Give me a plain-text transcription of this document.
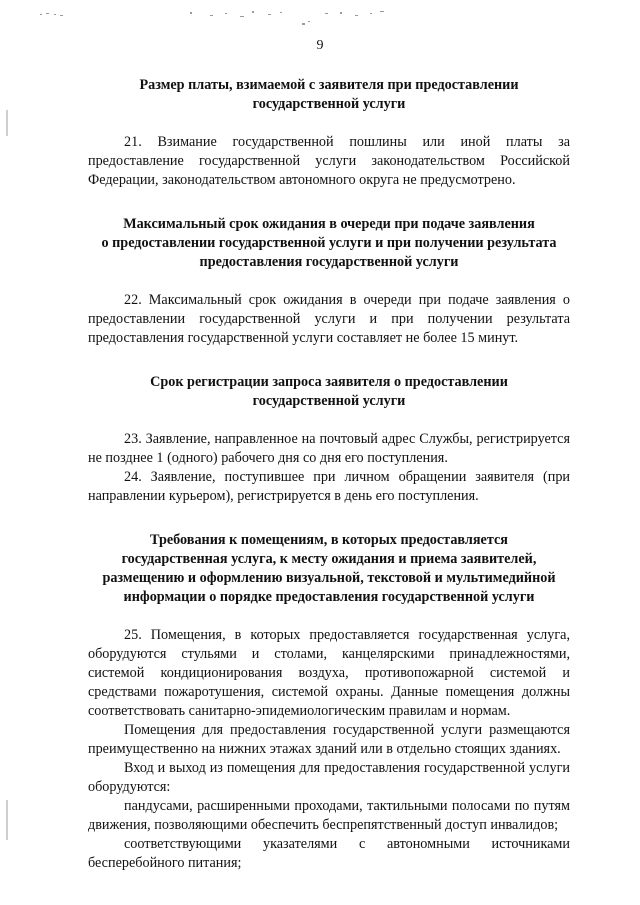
9
Размер платы, взимаемой с заявителя при предоставлении
государственной услуги

21. Взимание государственной пошлины или иной платы за предоставление государственной услуги законодательством Российской Федерации, законодательством автономного округа не предусмотрено.

Максимальный срок ожидания в очереди при подаче заявления
о предоставлении государственной услуги и при получении результата
предоставления государственной услуги

22. Максимальный срок ожидания в очереди при подаче заявления о предоставлении государственной услуги и при получении результата предоставления государственной услуги составляет не более 15 минут.

Срок регистрации запроса заявителя о предоставлении
государственной услуги

23. Заявление, направленное на почтовый адрес Службы, регистрируется не позднее 1 (одного) рабочего дня со дня его поступления.

24. Заявление, поступившее при личном обращении заявителя (при направлении курьером), регистрируется в день его поступления.

Требования к помещениям, в которых предоставляется
государственная услуга, к месту ожидания и приема заявителей,
размещению и оформлению визуальной, текстовой и мультимедийной
информации о порядке предоставления государственной услуги

25. Помещения, в которых предоставляется государственная услуга, оборудуются стульями и столами, канцелярскими принадлежностями, системой кондиционирования воздуха, противопожарной системой и средствами пожаротушения, системой охраны. Данные помещения должны соответствовать санитарно-эпидемиологическим правилам и нормам.

Помещения для предоставления государственной услуги размещаются преимущественно на нижних этажах зданий или в отдельно стоящих зданиях.

Вход и выход из помещения для предоставления государственной услуги оборудуются:

пандусами, расширенными проходами, тактильными полосами по путям движения, позволяющими обеспечить беспрепятственный доступ инвалидов;

соответствующими указателями с автономными источниками бесперебойного питания;
